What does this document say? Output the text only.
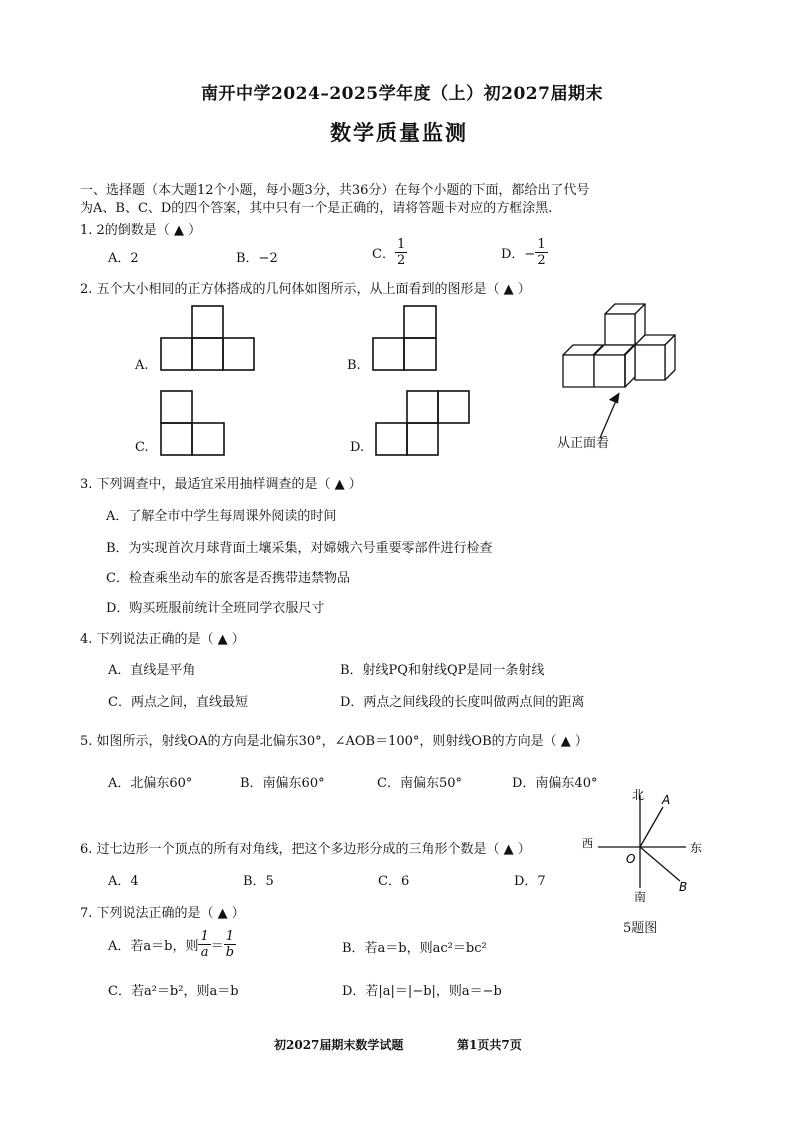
南开中学2024–2025学年度（上）初2027届期末
数学质量监测
一、选择题（本大题12个小题，每小题3分，共36分）在每个小题的下面，都给出了代号
为A、B、C、D的四个答案，其中只有一个是正确的，请将答题卡对应的方框涂黑.
1. 2的倒数是（ ▲ ）
A．2	B．−2	C． $\frac{1}{2}$	D．− $\frac{1}{2}$
2. 五个大小相同的正方体搭成的几何体如图所示，从上面看到的图形是（ ▲ ）
A.	B.
C.	D.	从正面看
3. 下列调查中，最适宜采用抽样调查的是（ ▲ ）
A．了解全市中学生每周课外阅读的时间
B．为实现首次月球背面土壤采集，对嫦娥六号重要零部件进行检查
C．检查乘坐动车的旅客是否携带违禁物品
D．购买班服前统计全班同学衣服尺寸
4. 下列说法正确的是（ ▲ ）
A．直线是平角	B．射线PQ和射线QP是同一条射线
C．两点之间，直线最短	D．两点之间线段的长度叫做两点间的距离
5. 如图所示，射线OA的方向是北偏东30°，∠AOB＝100°，则射线OB的方向是（ ▲ ）
A．北偏东60°	B．南偏东60°	C．南偏东50°	D．南偏东40°
北
南
东
西
O
A
B
5题图
6. 过七边形一个顶点的所有对角线，把这个多边形分成的三角形个数是（ ▲ ）
A．4	B．5	C．6	D．7
7. 下列说法正确的是（ ▲ ）
A．若a＝b，则 $\frac{1}{a} = \frac{1}{b}$	B．若a＝b，则ac²＝bc²
C．若a²＝b²，则a＝b	D．若|a|＝|−b|，则a＝−b
初2027届期末数学试题	第1页共7页
